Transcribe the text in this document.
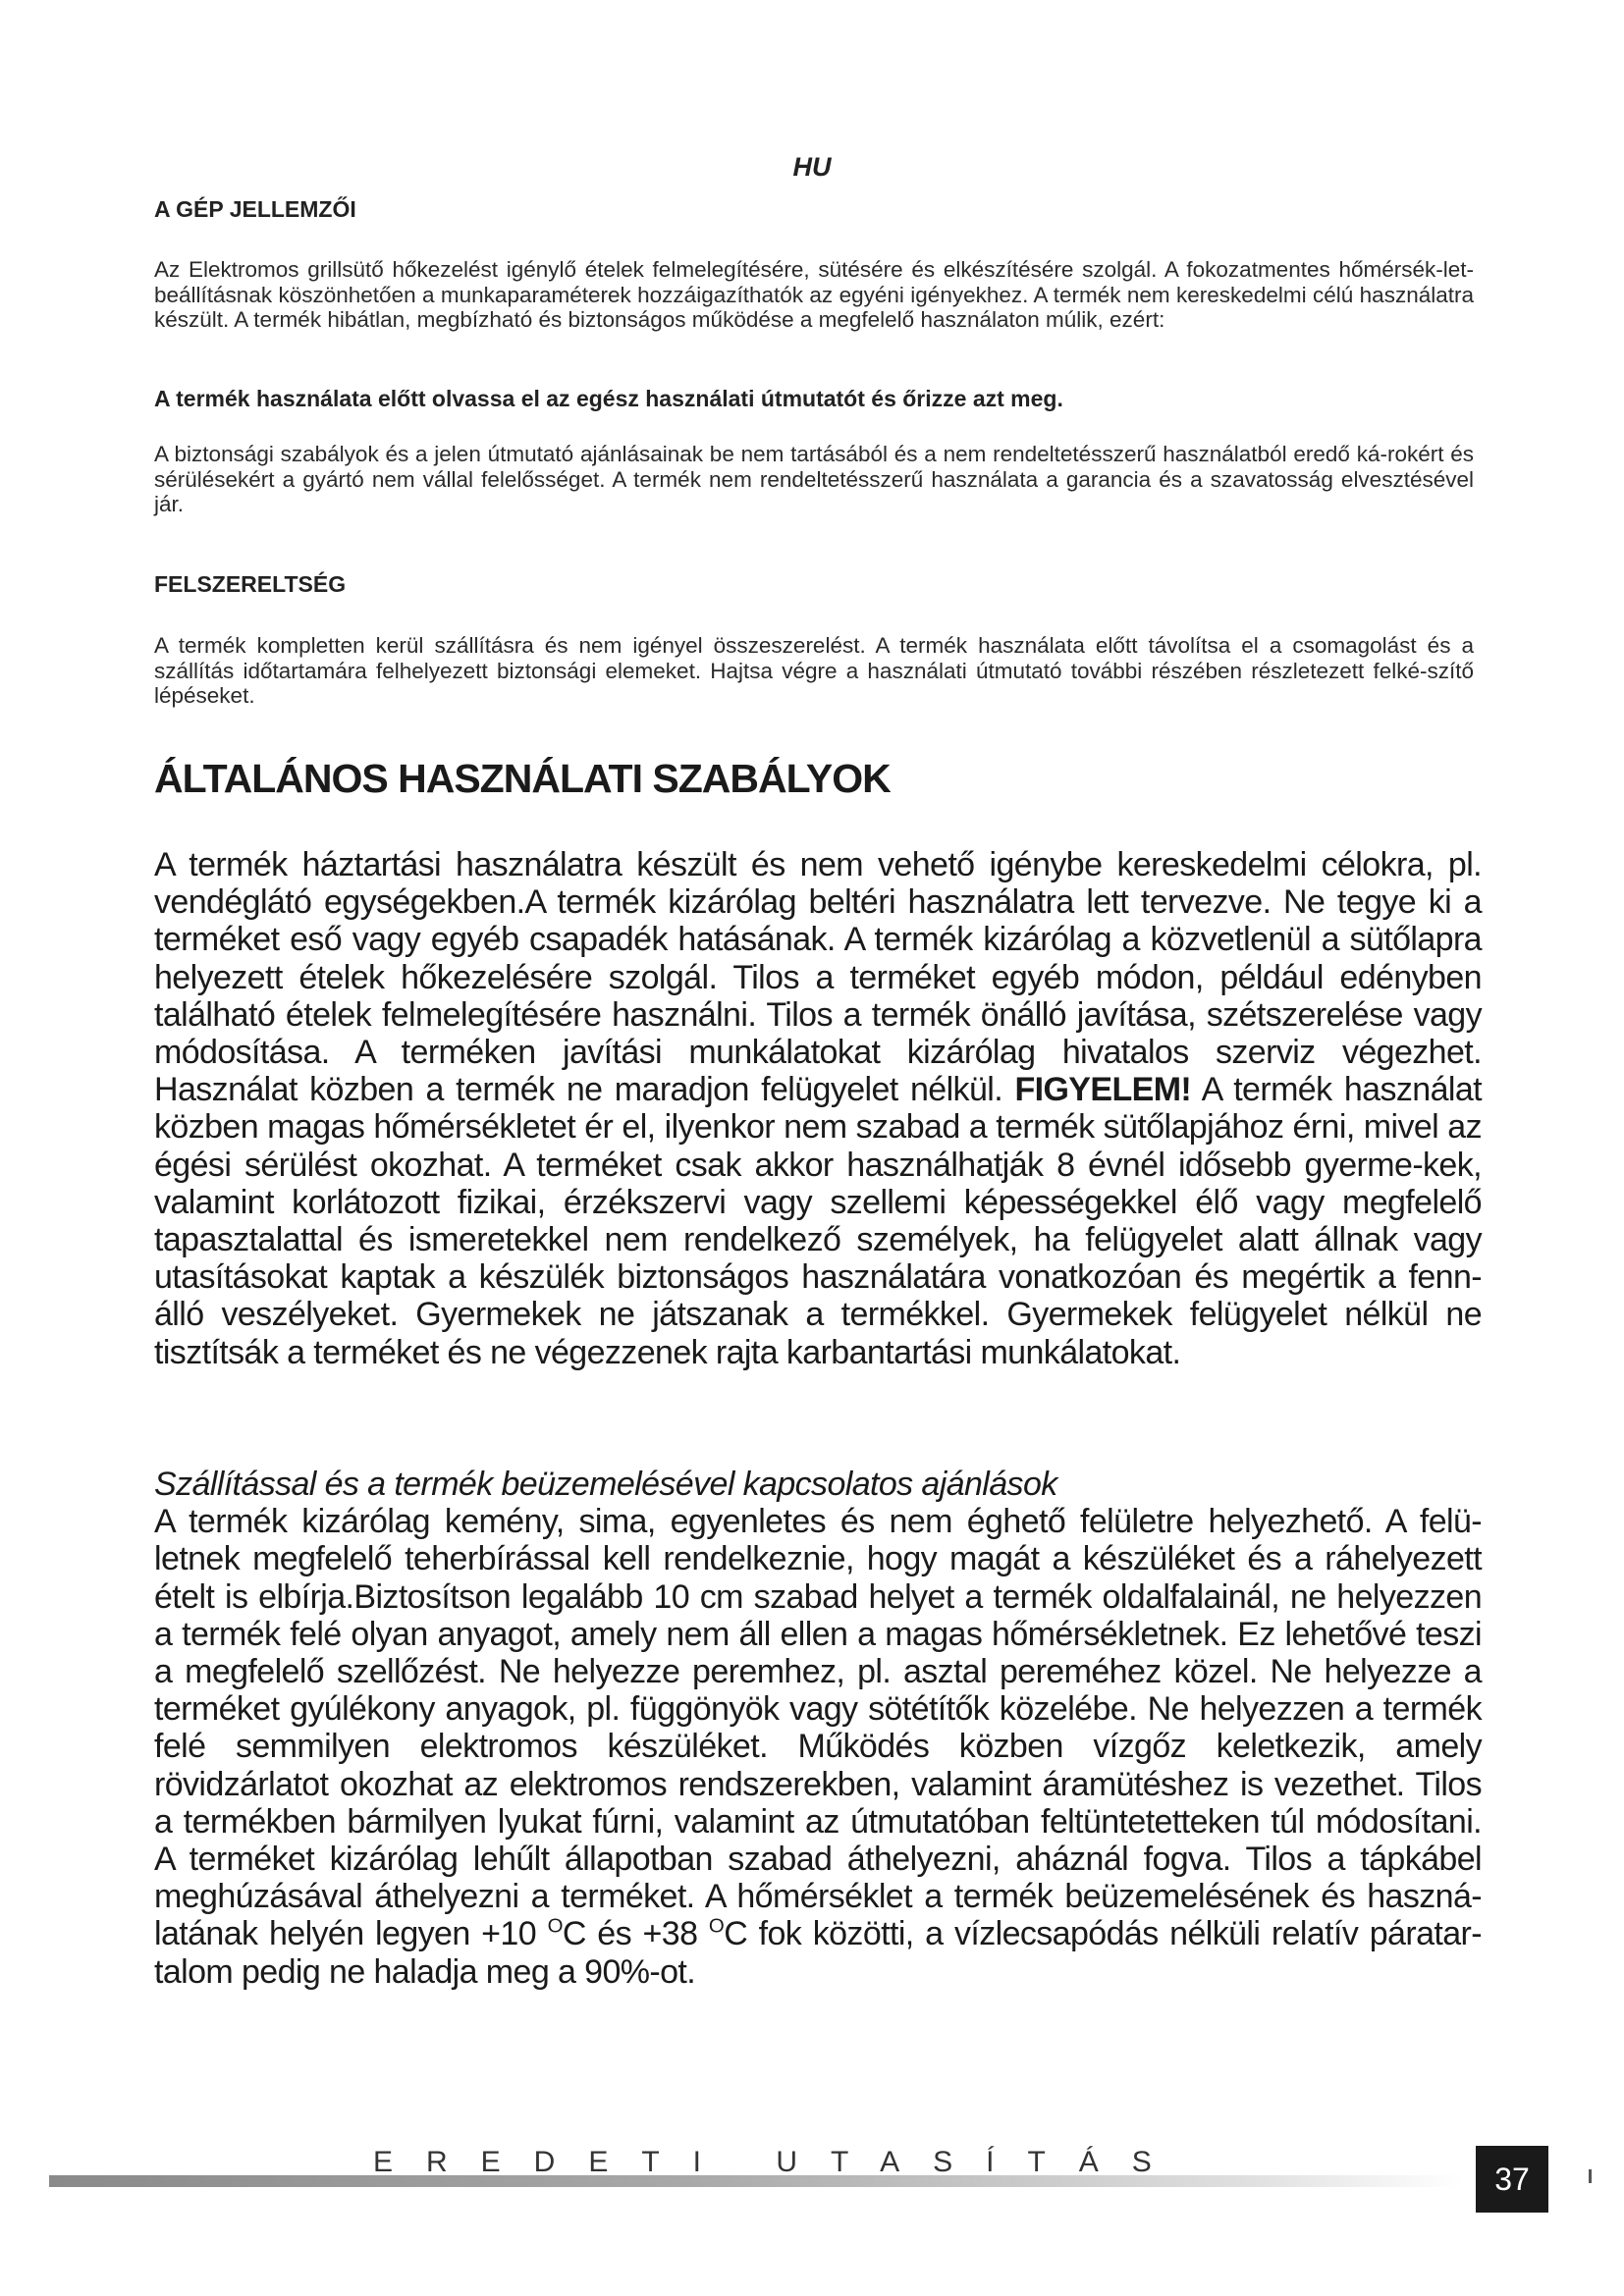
HU
A GÉP JELLEMZŐI

Az Elektromos grillsütő hőkezelést igénylő ételek felmelegítésére, sütésére és elkészítésére szolgál. A fokozatmentes hőmérsék-let-beállításnak köszönhetően a munkaparaméterek hozzáigazíthatók az egyéni igényekhez. A termék nem kereskedelmi célú használatra készült. A termék hibátlan, megbízható és biztonságos működése a megfelelő használaton múlik, ezért:

A termék használata előtt olvassa el az egész használati útmutatót és őrizze azt meg.

A biztonsági szabályok és a jelen útmutató ajánlásainak be nem tartásából és a nem rendeltetésszerű használatból eredő ká-rokért és sérülésekért a gyártó nem vállal felelősséget. A termék nem rendeltetésszerű használata a garancia és a szavatosság elvesztésével jár.

FELSZERELTSÉG

A termék kompletten kerül szállításra és nem igényel összeszerelést. A termék használata előtt távolítsa el a csomagolást és a szállítás időtartamára felhelyezett biztonsági elemeket. Hajtsa végre a használati útmutató további részében részletezett felké-szítő lépéseket.

ÁLTALÁNOS HASZNÁLATI SZABÁLYOK

A termék háztartási használatra készült és nem vehető igénybe kereskedelmi célokra, pl. vendéglátó egységekben.A termék kizárólag beltéri használatra lett tervezve. Ne tegye ki a terméket eső vagy egyéb csapadék hatásának. A termék kizárólag a közvetlenül a sütőlapra helyezett ételek hőkezelésére szolgál. Tilos a terméket egyéb módon, például edényben található ételek felmelegítésére használni. Tilos a termék önálló javítása, szétszerelése vagy módosítása. A terméken javítási munkálatokat kizárólag hivatalos szerviz végezhet. Használat közben a termék ne maradjon felügyelet nélkül. FIGYELEM! A termék használat közben magas hőmérsékletet ér el, ilyenkor nem szabad a termék sütőlapjához érni, mivel az égési sérülést okozhat. A terméket csak akkor használhatják 8 évnél idősebb gyerme-kek, valamint korlátozott fizikai, érzékszervi vagy szellemi képességekkel élő vagy megfelelő tapasztalattal és ismeretekkel nem rendelkező személyek, ha felügyelet alatt állnak vagy utasításokat kaptak a készülék biztonságos használatára vonatkozóan és megértik a fenn-álló veszélyeket. Gyermekek ne játszanak a termékkel. Gyermekek felügyelet nélkül ne tisztítsák a terméket és ne végezzenek rajta karbantartási munkálatokat.

Szállítással és a termék beüzemelésével kapcsolatos ajánlások
A termék kizárólag kemény, sima, egyenletes és nem éghető felületre helyezhető. A felü-letnek megfelelő teherbírással kell rendelkeznie, hogy magát a készüléket és a ráhelyezett ételt is elbírja.Biztosítson legalább 10 cm szabad helyet a termék oldalfalainál, ne helyezzen a termék felé olyan anyagot, amely nem áll ellen a magas hőmérsékletnek. Ez lehetővé teszi a megfelelő szellőzést. Ne helyezze peremhez, pl. asztal pereméhez közel. Ne helyezze a terméket gyúlékony anyagok, pl. függönyök vagy sötétítők közelébe. Ne helyezzen a termék felé semmilyen elektromos készüléket. Működés közben vízgőz keletkezik, amely rövidzárlatot okozhat az elektromos rendszerekben, valamint áramütéshez is vezethet. Tilos a termékben bármilyen lyukat fúrni, valamint az útmutatóban feltüntetetteken túl módosítani. A terméket kizárólag lehűlt állapotban szabad áthelyezni, aháznál fogva. Tilos a tápkábel meghúzásával áthelyezni a terméket. A hőmérséklet a termék beüzemelésének és haszná-latának helyén legyen +10 $^O$C és +38 $^O$C fok közötti, a vízlecsapódás nélküli relatív páratar-talom pedig ne haladja meg a 90%-ot.

EREDETI UTASÍTÁS	37
